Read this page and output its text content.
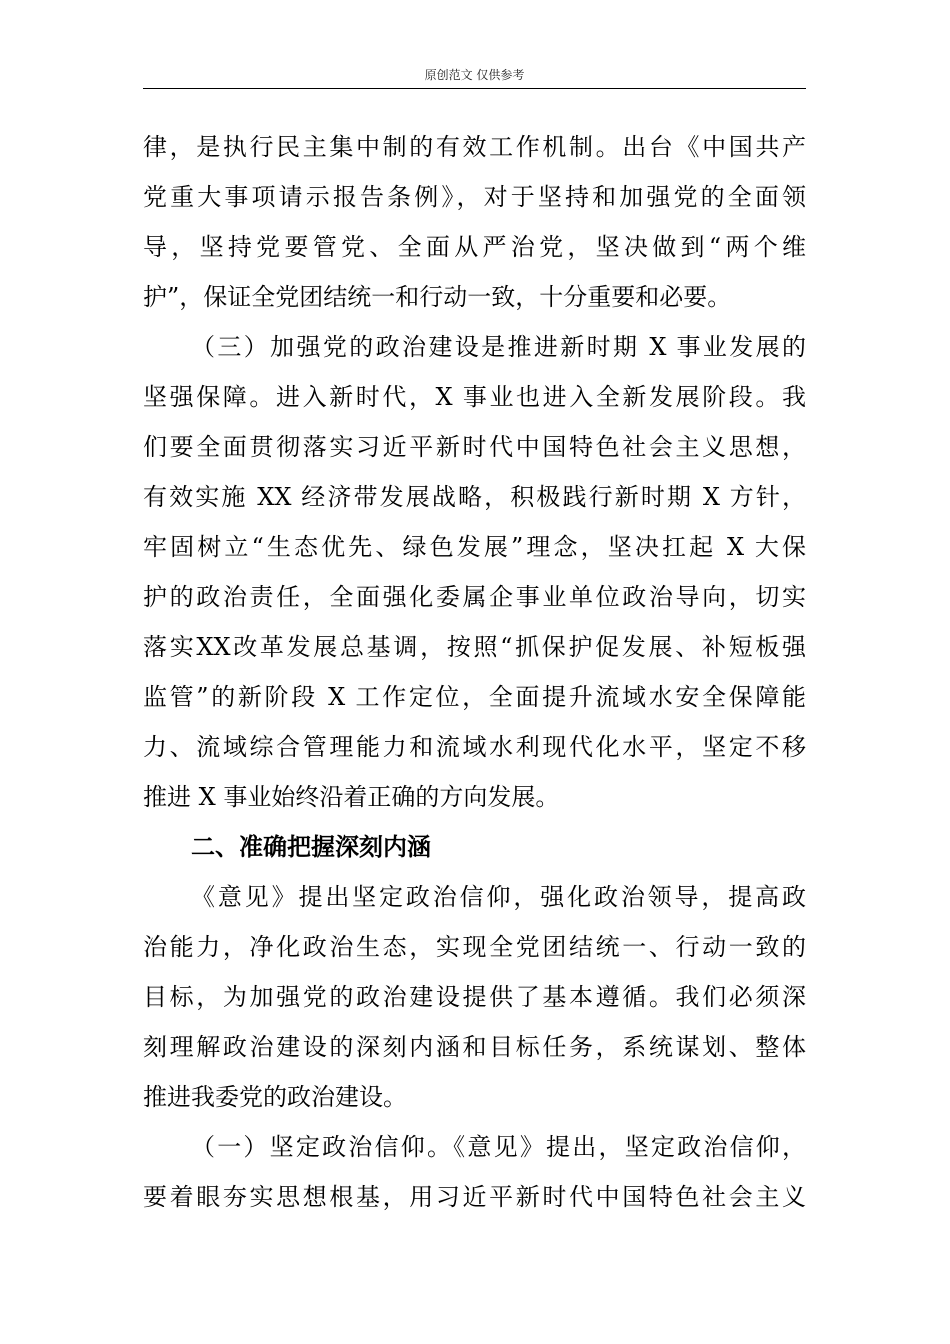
原创范文 仅供参考
律，是执行民主集中制的有效工作机制。出台《中国共产
党重大事项请示报告条例》，对于坚持和加强党的全面领
导，坚持党要管党、全面从严治党，坚决做到“两个维
护”，保证全党团结统一和行动一致，十分重要和必要。
（三）加强党的政治建设是推进新时期 X 事业发展的
坚强保障。进入新时代，X 事业也进入全新发展阶段。我
们要全面贯彻落实习近平新时代中国特色社会主义思想，
有效实施 XX 经济带发展战略，积极践行新时期 X 方针，
牢固树立“生态优先、绿色发展”理念，坚决扛起 X 大保
护的政治责任，全面强化委属企事业单位政治导向，切实
落实XX改革发展总基调，按照“抓保护促发展、补短板强
监管”的新阶段 X 工作定位，全面提升流域水安全保障能
力、流域综合管理能力和流域水利现代化水平，坚定不移
推进 X 事业始终沿着正确的方向发展。
二、准确把握深刻内涵
《意见》提出坚定政治信仰，强化政治领导，提高政
治能力，净化政治生态，实现全党团结统一、行动一致的
目标，为加强党的政治建设提供了基本遵循。我们必须深
刻理解政治建设的深刻内涵和目标任务，系统谋划、整体
推进我委党的政治建设。
（一）坚定政治信仰。《意见》提出，坚定政治信仰，
要着眼夯实思想根基，用习近平新时代中国特色社会主义
